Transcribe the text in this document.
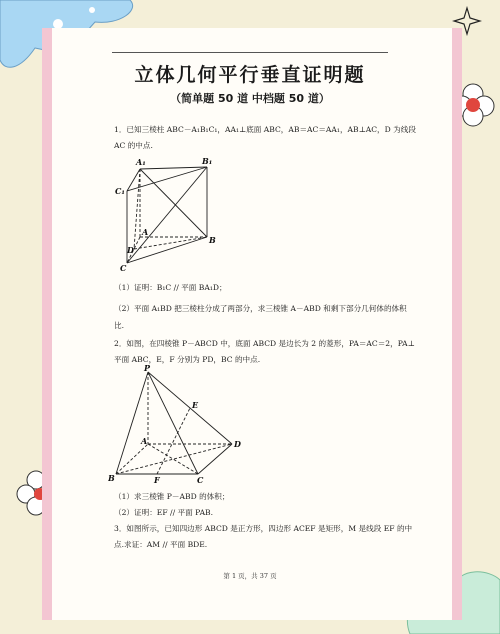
立体几何平行垂直证明题
（简单题 50 道 中档题 50 道）
1．已知三棱柱 ABC－A₁B₁C₁，AA₁⊥底面 ABC，AB＝AC＝AA₁，AB⊥AC，D 为线段
AC 的中点.
A₁	B₁
C₁
A
D
B
C
（1）证明：B₁C // 平面 BA₁D；
（2）平面 A₁BD 把三棱柱分成了两部分，求三棱锥 A－ABD 和剩下部分几何体的体积
比.
2．如图，在四棱锥 P－ABCD 中，底面 ABCD 是边长为 2 的菱形，PA＝AC＝2，PA⊥
平面 ABC，E，F 分别为 PD，BC 的中点.
P
E
A	D
B	F	C
（1）求三棱锥 P－ABD 的体积；
（2）证明：EF // 平面 PAB.
3．如图所示，已知四边形 ABCD 是正方形，四边形 ACEF 是矩形，M 是线段 EF 的中
点.求证：AM // 平面 BDE.
第 1 页，共 37 页
